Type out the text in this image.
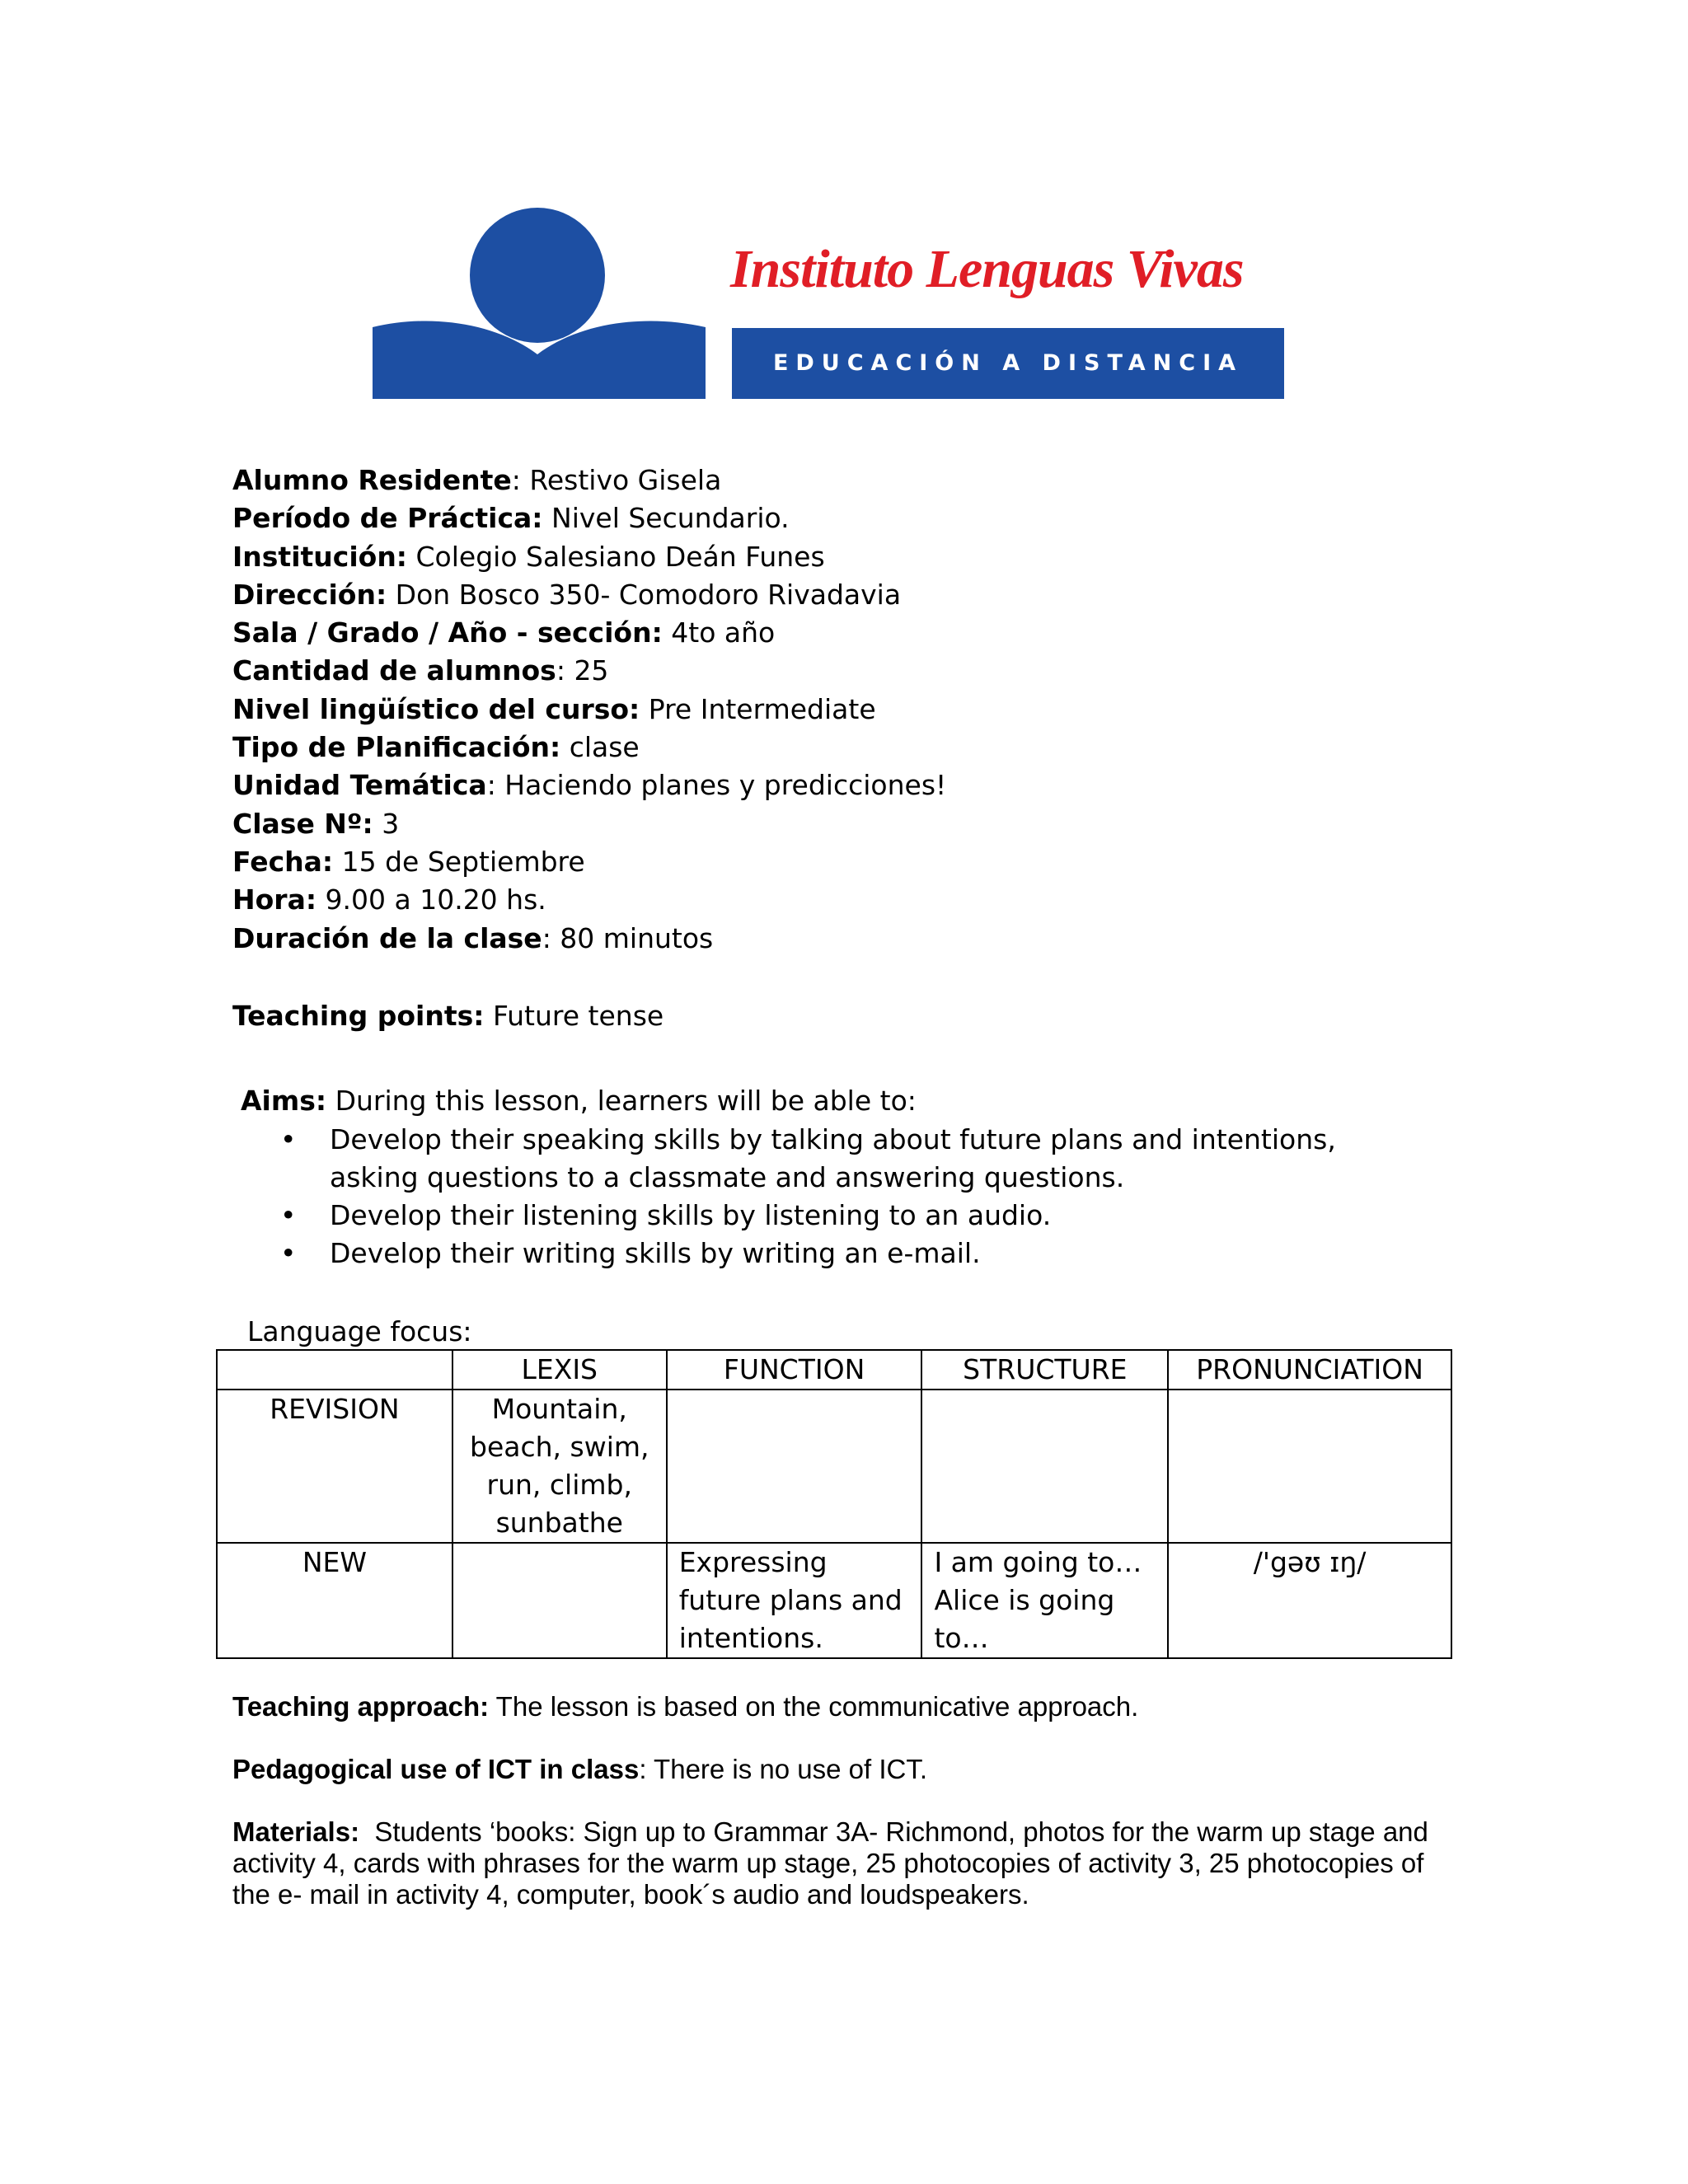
Instituto Lenguas Vivas
EDUCACIÓN A DISTANCIA
Alumno Residente: Restivo Gisela
Período de Práctica: Nivel Secundario.
Institución: Colegio Salesiano Deán Funes
Dirección: Don Bosco 350- Comodoro Rivadavia
Sala / Grado / Año - sección: 4to año
Cantidad de alumnos: 25
Nivel lingüístico del curso: Pre Intermediate
Tipo de Planificación: clase
Unidad Temática: Haciendo planes y predicciones!
Clase Nº: 3
Fecha: 15 de Septiembre
Hora: 9.00 a 10.20 hs.
Duración de la clase: 80 minutos
Teaching points: Future tense
Aims: During this lesson, learners will be able to:
• Develop their speaking skills by talking about future plans and intentions, asking questions to a classmate and answering questions.
• Develop their listening skills by listening to an audio.
• Develop their writing skills by writing an e-mail.
Language focus:
	LEXIS	FUNCTION	STRUCTURE	PRONUNCIATION
REVISION	Mountain, beach, swim, run, climb, sunbathe			
NEW		Expressing future plans and intentions.	I am going to… Alice is going to…	/'gəʊ ɪŋ/
Teaching approach: The lesson is based on the communicative approach.
Pedagogical use of ICT in class: There is no use of ICT.
Materials:  Students ‘books: Sign up to Grammar 3A- Richmond, photos for the warm up stage and activity 4, cards with phrases for the warm up stage, 25 photocopies of activity 3, 25 photocopies of the e- mail in activity 4, computer, book´s audio and loudspeakers.
